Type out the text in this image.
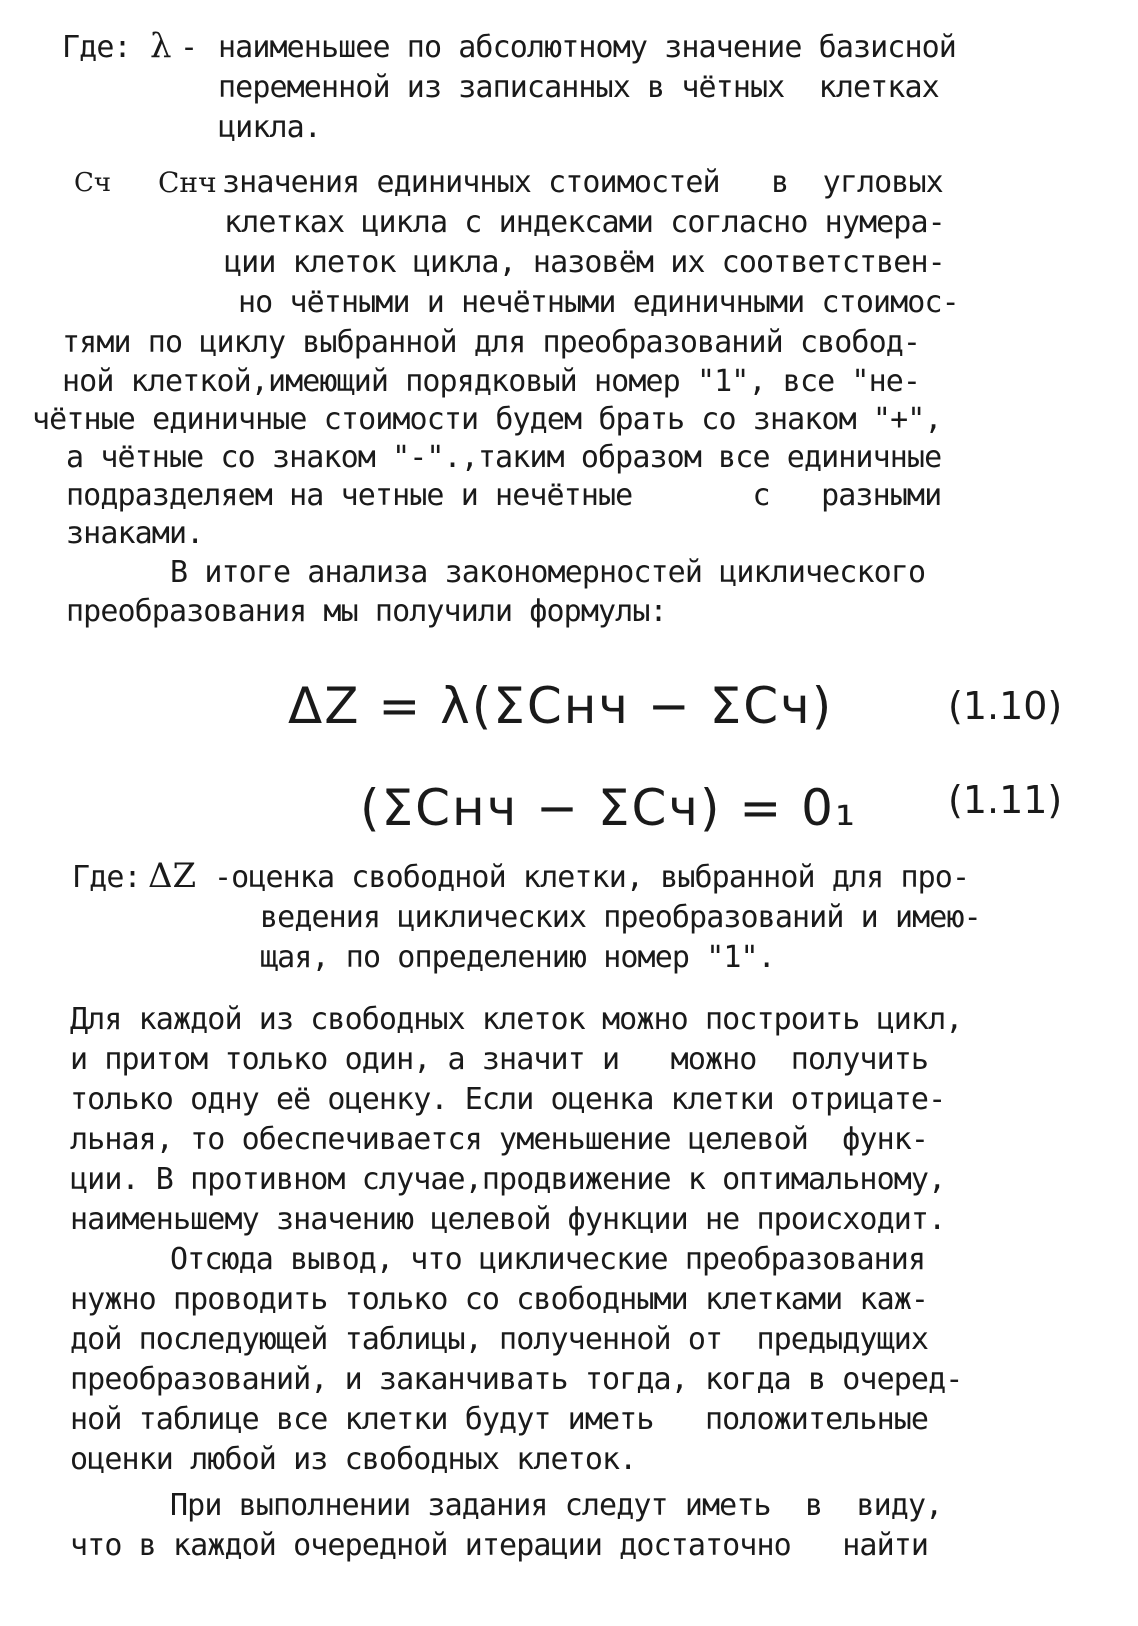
Где: λ - наименьшее по абсолютному значение базисной
переменной из записанных в чётных  клетках
цикла.
Cч Cнч значения единичных стоимостей   в  угловых
клетках цикла с индексами согласно нумера-
ции клеток цикла, назовём их соответствен-
но чётными и нечётными единичными стоимос-
тями по циклу выбранной для преобразований свобод-
ной клеткой,имеющий порядковый номер "1", все "не-
чётные единичные стоимости будем брать со знаком "+",
а чётные со знаком "-".,таким образом все единичные
подразделяем на четные и нечётные       с   разными
знаками.
В итоге анализа закономерностей циклического
преобразования мы получили формулы:
ΔZ = λ(ΣCнч − ΣCч)	(1.10)
(ΣCнч − ΣCч) = 0₁ (1.11)
Где: ΔZ -оценка свободной клетки, выбранной для про-
ведения циклических преобразований и имею-
щая, по определению номер "1".
Для каждой из свободных клеток можно построить цикл,
и притом только один, а значит и   можно  получить
только одну её оценку. Если оценка клетки отрицате-
льная, то обеспечивается уменьшение целевой  функ-
ции. В противном случае,продвижение к оптимальному,
наименьшему значению целевой функции не происходит.
Отсюда вывод, что циклические преобразования
нужно проводить только со свободными клетками каж-
дой последующей таблицы, полученной от  предыдущих
преобразований, и заканчивать тогда, когда в очеред-
ной таблице все клетки будут иметь   положительные
оценки любой из свободных клеток.
При выполнении задания следут иметь  в  виду,
что в каждой очередной итерации достаточно   найти
